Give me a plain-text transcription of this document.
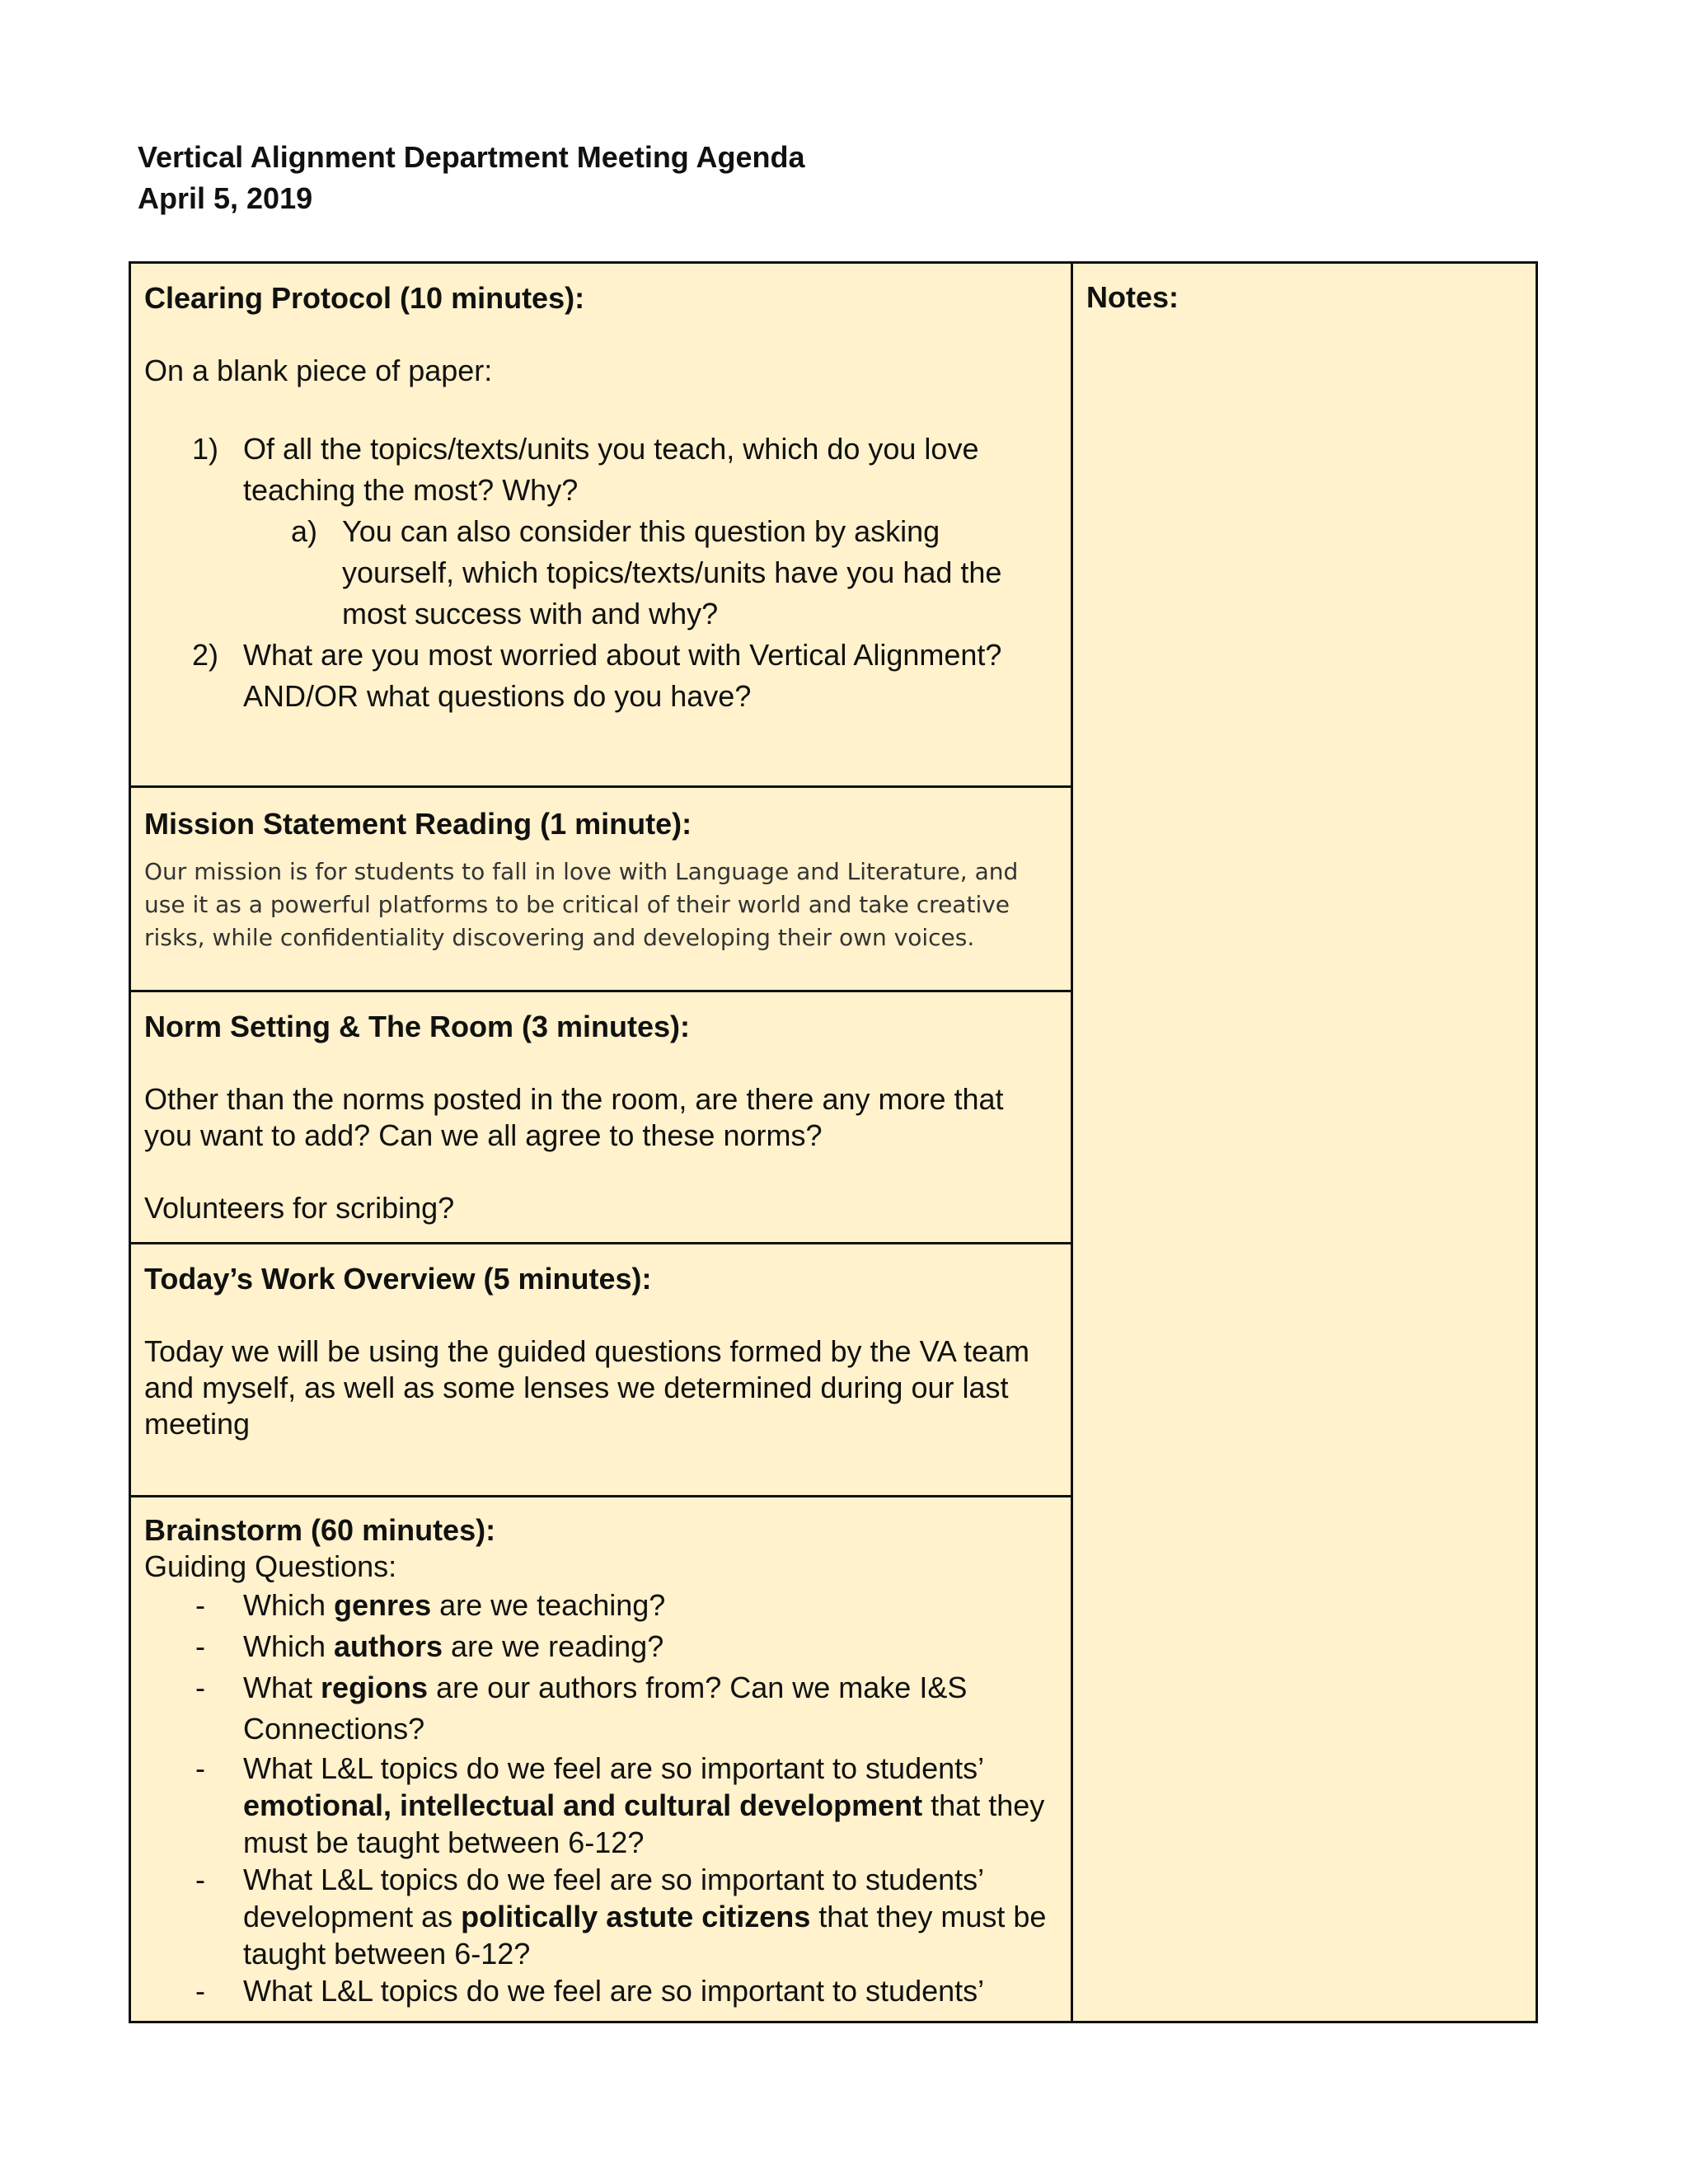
Vertical Alignment Department Meeting Agenda
April 5, 2019
Clearing Protocol (10 minutes):
On a blank piece of paper:
1) Of all the topics/texts/units you teach, which do you love teaching the most? Why?
a) You can also consider this question by asking yourself, which topics/texts/units have you had the most success with and why?
2) What are you most worried about with Vertical Alignment? AND/OR what questions do you have?
Mission Statement Reading (1 minute):
Our mission is for students to fall in love with Language and Literature, and use it as a powerful platforms to be critical of their world and take creative risks, while confidentiality discovering and developing their own voices.
Norm Setting & The Room (3 minutes):
Other than the norms posted in the room, are there any more that you want to add? Can we all agree to these norms?
Volunteers for scribing?
Today’s Work Overview (5 minutes):
Today we will be using the guided questions formed by the VA team and myself, as well as some lenses we determined during our last meeting
Brainstorm (60 minutes):
Guiding Questions:
- Which genres are we teaching?
- Which authors are we reading?
- What regions are our authors from? Can we make I&S Connections?
- What L&L topics do we feel are so important to students’ emotional, intellectual and cultural development that they must be taught between 6-12?
- What L&L topics do we feel are so important to students’ development as politically astute citizens that they must be taught between 6-12?
- What L&L topics do we feel are so important to students’
Notes:
